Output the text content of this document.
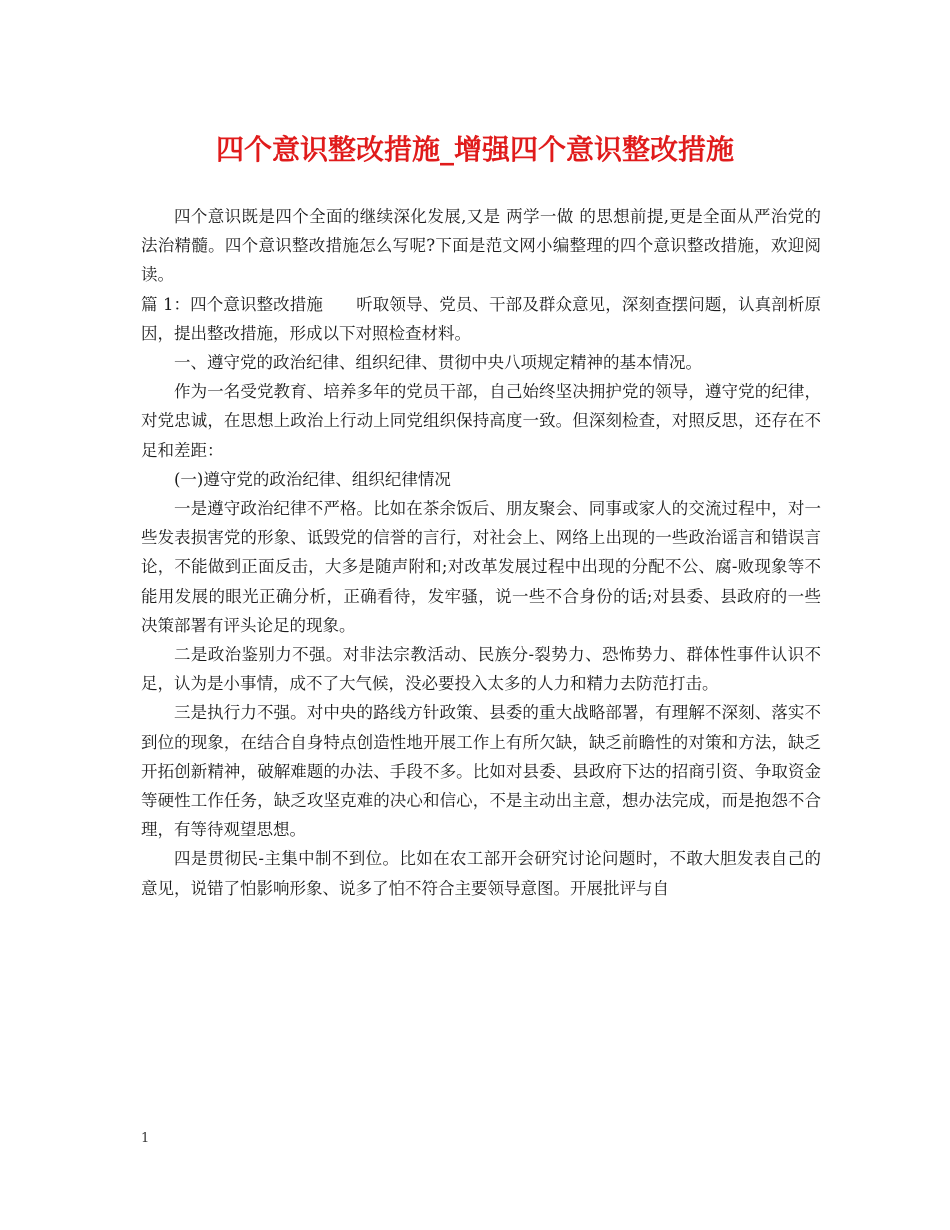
四个意识整改措施_增强四个意识整改措施

四个意识既是四个全面的继续深化发展,又是 两学一做 的思想前提,更是全面从严治党的法治精髓。四个意识整改措施怎么写呢?下面是范文网小编整理的四个意识整改措施，欢迎阅读。

篇 1：四个意识整改措施　　听取领导、党员、干部及群众意见，深刻查摆问题，认真剖析原因，提出整改措施，形成以下对照检查材料。

一、遵守党的政治纪律、组织纪律、贯彻中央八项规定精神的基本情况。

作为一名受党教育、培养多年的党员干部，自己始终坚决拥护党的领导，遵守党的纪律，对党忠诚，在思想上政治上行动上同党组织保持高度一致。但深刻检查，对照反思，还存在不足和差距：

(一)遵守党的政治纪律、组织纪律情况

一是遵守政治纪律不严格。比如在茶余饭后、朋友聚会、同事或家人的交流过程中，对一些发表损害党的形象、诋毁党的信誉的言行，对社会上、网络上出现的一些政治谣言和错误言论，不能做到正面反击，大多是随声附和;对改革发展过程中出现的分配不公、腐-败现象等不能用发展的眼光正确分析，正确看待，发牢骚，说一些不合身份的话;对县委、县政府的一些决策部署有评头论足的现象。

二是政治鉴别力不强。对非法宗教活动、民族分-裂势力、恐怖势力、群体性事件认识不足，认为是小事情，成不了大气候，没必要投入太多的人力和精力去防范打击。

三是执行力不强。对中央的路线方针政策、县委的重大战略部署，有理解不深刻、落实不到位的现象，在结合自身特点创造性地开展工作上有所欠缺，缺乏前瞻性的对策和方法，缺乏开拓创新精神，破解难题的办法、手段不多。比如对县委、县政府下达的招商引资、争取资金等硬性工作任务，缺乏攻坚克难的决心和信心，不是主动出主意，想办法完成，而是抱怨不合理，有等待观望思想。

四是贯彻民-主集中制不到位。比如在农工部开会研究讨论问题时，不敢大胆发表自己的意见，说错了怕影响形象、说多了怕不符合主要领导意图。开展批评与自

1
